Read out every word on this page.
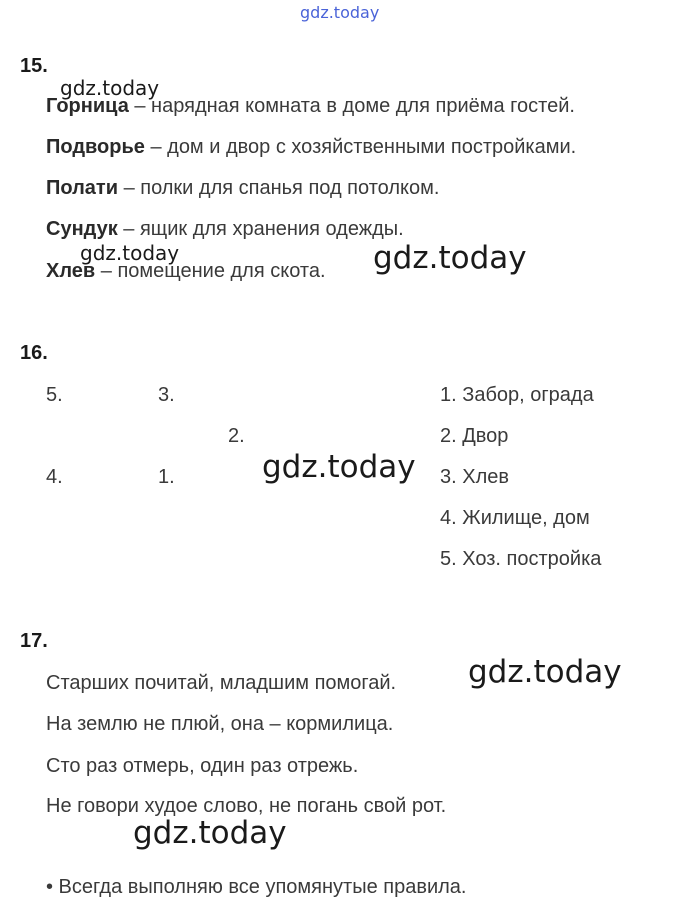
gdz.today
15.
Горница – нарядная комната в доме для приёма гостей.
Подворье – дом и двор с хозяйственными постройками.
Полати – полки для спанья под потолком.
Сундук – ящик для хранения одежды.
Хлев – помещение для скота.
gdz.today
gdz.today	gdz.today
16.
5.	3.
2.
4.	1.
1. Забор, ограда
2. Двор
3. Хлев
4. Жилище, дом
5. Хоз. постройка
gdz.today
17.
Старших почитай, младшим помогай.
На землю не плюй, она – кормилица.
Сто раз отмерь, один раз отрежь.
Не говори худое слово, не погань свой рот.
• Всегда выполняю все упомянутые правила.
gdz.today
gdz.today
